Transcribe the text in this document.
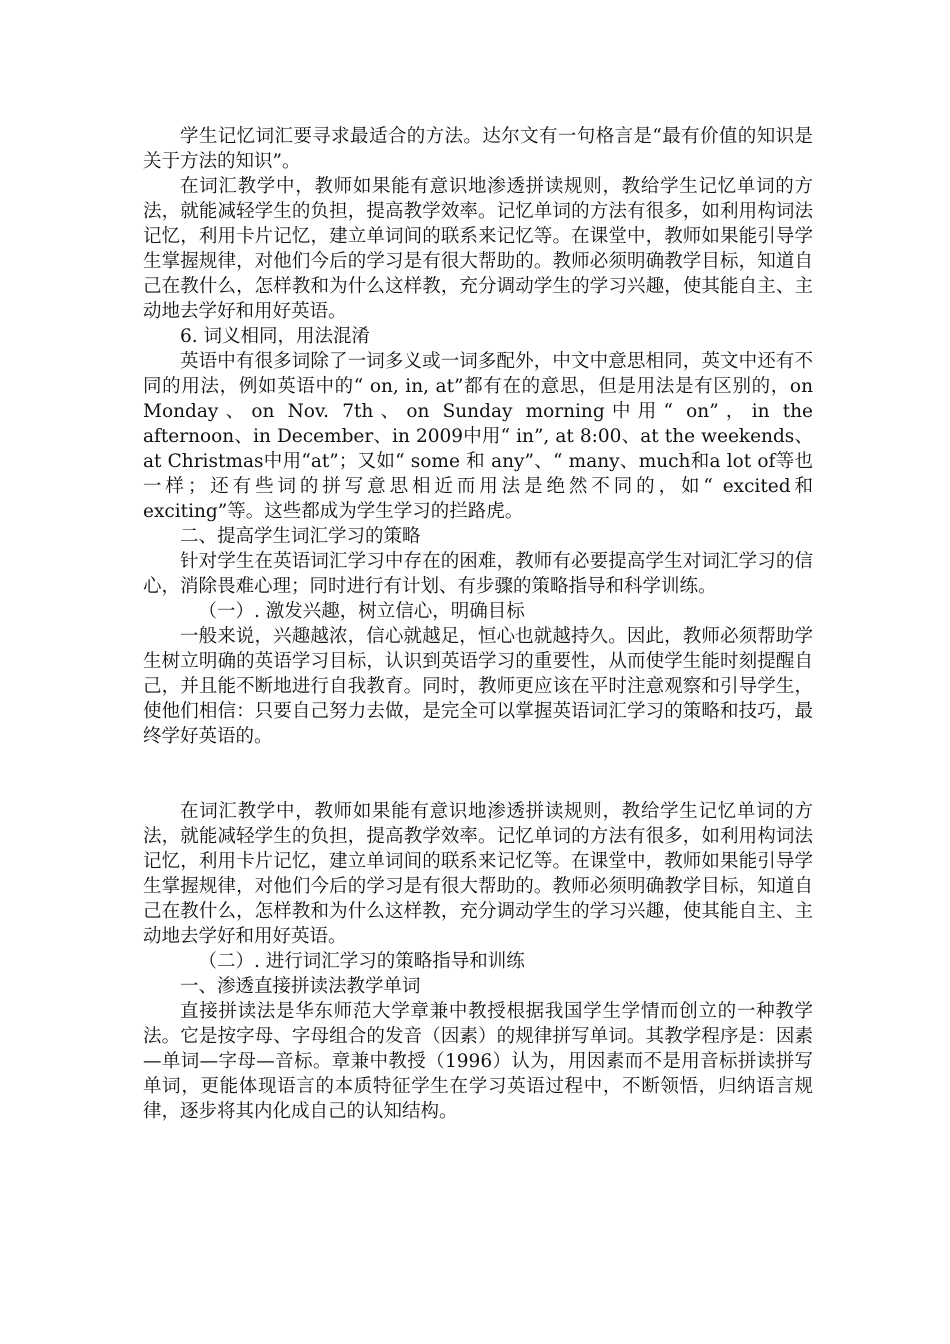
学生记忆词汇要寻求最适合的方法。达尔文有一句格言是“最有价值的知识是关于方法的知识”。

在词汇教学中，教师如果能有意识地渗透拼读规则，教给学生记忆单词的方法，就能减轻学生的负担，提高教学效率。记忆单词的方法有很多，如利用构词法记忆，利用卡片记忆，建立单词间的联系来记忆等。在课堂中，教师如果能引导学生掌握规律，对他们今后的学习是有很大帮助的。教师必须明确教学目标，知道自己在教什么，怎样教和为什么这样教，充分调动学生的学习兴趣，使其能自主、主动地去学好和用好英语。

6. 词义相同，用法混淆

英语中有很多词除了一词多义或一词多配外，中文中意思相同，英文中还有不同的用法，例如英语中的“ on, in, at”都有在的意思，但是用法是有区别的，on Monday、on Nov. 7th、on Sunday morning中用“ on”，in the afternoon、in December、in 2009中用“ in”, at 8:00、at the weekends、at Christmas中用“at”；又如“ some 和 any”、“ many、much和a lot of等也一样；还有些词的拼写意思相近而用法是绝然不同的，如“ excited和exciting”等。这些都成为学生学习的拦路虎。

二、提高学生词汇学习的策略

针对学生在英语词汇学习中存在的困难，教师有必要提高学生对词汇学习的信心，消除畏难心理；同时进行有计划、有步骤的策略指导和科学训练。

（一）. 激发兴趣，树立信心，明确目标

一般来说，兴趣越浓，信心就越足，恒心也就越持久。因此，教师必须帮助学生树立明确的英语学习目标，认识到英语学习的重要性，从而使学生能时刻提醒自己，并且能不断地进行自我教育。同时，教师更应该在平时注意观察和引导学生，使他们相信：只要自己努力去做，是完全可以掌握英语词汇学习的策略和技巧，最终学好英语的。

在词汇教学中，教师如果能有意识地渗透拼读规则，教给学生记忆单词的方法，就能减轻学生的负担，提高教学效率。记忆单词的方法有很多，如利用构词法记忆，利用卡片记忆，建立单词间的联系来记忆等。在课堂中，教师如果能引导学生掌握规律，对他们今后的学习是有很大帮助的。教师必须明确教学目标，知道自己在教什么，怎样教和为什么这样教，充分调动学生的学习兴趣，使其能自主、主动地去学好和用好英语。

（二）. 进行词汇学习的策略指导和训练

一、渗透直接拼读法教学单词

直接拼读法是华东师范大学章兼中教授根据我国学生学情而创立的一种教学法。它是按字母、字母组合的发音（因素）的规律拼写单词。其教学程序是：因素—单词—字母—音标。章兼中教授（1996）认为，用因素而不是用音标拼读拼写单词，更能体现语言的本质特征学生在学习英语过程中，不断领悟，归纳语言规律，逐步将其内化成自己的认知结构。
